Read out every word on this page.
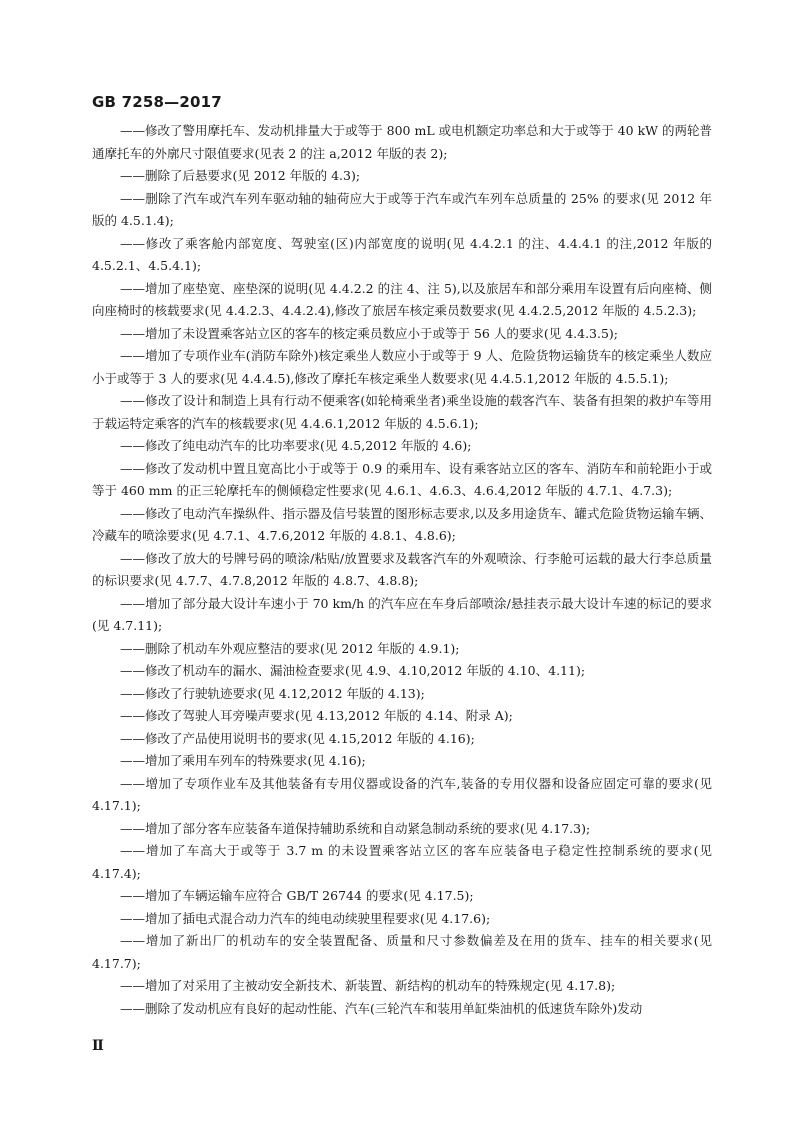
GB 7258—2017

——修改了警用摩托车、发动机排量大于或等于 800 mL 或电机额定功率总和大于或等于 40 kW 的两轮普通摩托车的外廓尺寸限值要求(见表 2 的注 a,2012 年版的表 2);

——删除了后悬要求(见 2012 年版的 4.3);

——删除了汽车或汽车列车驱动轴的轴荷应大于或等于汽车或汽车列车总质量的 25% 的要求(见 2012 年版的 4.5.1.4);

——修改了乘客舱内部宽度、驾驶室(区)内部宽度的说明(见 4.4.2.1 的注、4.4.4.1 的注,2012 年版的 4.5.2.1、4.5.4.1);

——增加了座垫宽、座垫深的说明(见 4.4.2.2 的注 4、注 5),以及旅居车和部分乘用车设置有后向座椅、侧向座椅时的核载要求(见 4.4.2.3、4.4.2.4),修改了旅居车核定乘员数要求(见 4.4.2.5,2012 年版的 4.5.2.3);

——增加了未设置乘客站立区的客车的核定乘员数应小于或等于 56 人的要求(见 4.4.3.5);

——增加了专项作业车(消防车除外)核定乘坐人数应小于或等于 9 人、危险货物运输货车的核定乘坐人数应小于或等于 3 人的要求(见 4.4.4.5),修改了摩托车核定乘坐人数要求(见 4.4.5.1,2012 年版的 4.5.5.1);

——修改了设计和制造上具有行动不便乘客(如轮椅乘坐者)乘坐设施的载客汽车、装备有担架的救护车等用于载运特定乘客的汽车的核载要求(见 4.4.6.1,2012 年版的 4.5.6.1);

——修改了纯电动汽车的比功率要求(见 4.5,2012 年版的 4.6);

——修改了发动机中置且宽高比小于或等于 0.9 的乘用车、设有乘客站立区的客车、消防车和前轮距小于或等于 460 mm 的正三轮摩托车的侧倾稳定性要求(见 4.6.1、4.6.3、4.6.4,2012 年版的 4.7.1、4.7.3);

——修改了电动汽车操纵件、指示器及信号装置的图形标志要求,以及多用途货车、罐式危险货物运输车辆、冷藏车的喷涂要求(见 4.7.1、4.7.6,2012 年版的 4.8.1、4.8.6);

——修改了放大的号牌号码的喷涂/粘贴/放置要求及载客汽车的外观喷涂、行李舱可运载的最大行李总质量的标识要求(见 4.7.7、4.7.8,2012 年版的 4.8.7、4.8.8);

——增加了部分最大设计车速小于 70 km/h 的汽车应在车身后部喷涂/悬挂表示最大设计车速的标记的要求(见 4.7.11);

——删除了机动车外观应整洁的要求(见 2012 年版的 4.9.1);

——修改了机动车的漏水、漏油检查要求(见 4.9、4.10,2012 年版的 4.10、4.11);

——修改了行驶轨迹要求(见 4.12,2012 年版的 4.13);

——修改了驾驶人耳旁噪声要求(见 4.13,2012 年版的 4.14、附录 A);

——修改了产品使用说明书的要求(见 4.15,2012 年版的 4.16);

——增加了乘用车列车的特殊要求(见 4.16);

——增加了专项作业车及其他装备有专用仪器或设备的汽车,装备的专用仪器和设备应固定可靠的要求(见 4.17.1);

——增加了部分客车应装备车道保持辅助系统和自动紧急制动系统的要求(见 4.17.3);

——增加了车高大于或等于 3.7 m 的未设置乘客站立区的客车应装备电子稳定性控制系统的要求(见 4.17.4);

——增加了车辆运输车应符合 GB/T 26744 的要求(见 4.17.5);

——增加了插电式混合动力汽车的纯电动续驶里程要求(见 4.17.6);

——增加了新出厂的机动车的安全装置配备、质量和尺寸参数偏差及在用的货车、挂车的相关要求(见 4.17.7);

——增加了对采用了主被动安全新技术、新装置、新结构的机动车的特殊规定(见 4.17.8);

——删除了发动机应有良好的起动性能、汽车(三轮汽车和装用单缸柴油机的低速货车除外)发动

Ⅱ
